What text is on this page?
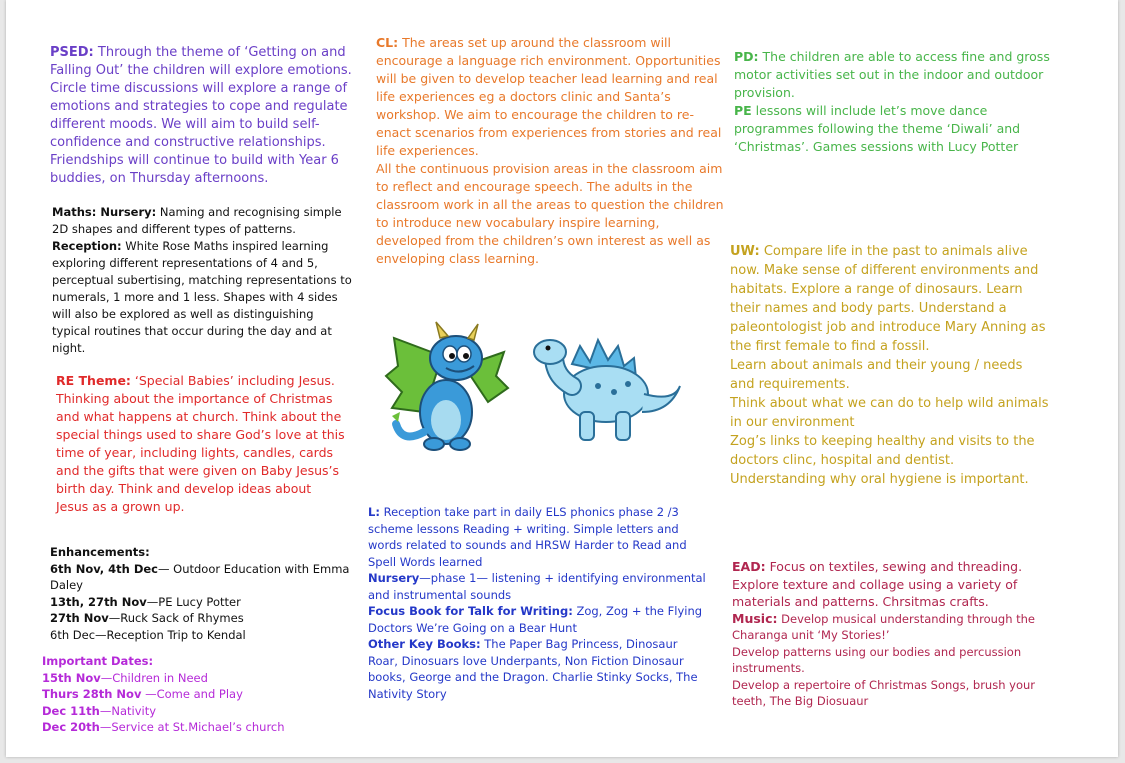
PSED: Through the theme of ‘Getting on and Falling Out’ the children will explore emotions. Circle time discussions will explore a range of emotions and strategies to cope and regulate different moods. We will aim to build self-confidence and constructive relationships. Friendships will continue to build with Year 6 buddies, on Thursday afternoons.
Maths: Nursery: Naming and recognising simple 2D shapes and different types of patterns.
Reception: White Rose Maths inspired learning exploring different representations of 4 and 5, perceptual subertising, matching representations to numerals, 1 more and 1 less. Shapes with 4 sides will also be explored as well as distinguishing typical routines that occur during the day and at night.
RE Theme: ‘Special Babies’ including Jesus. Thinking about the importance of Christmas and what happens at church. Think about the special things used to share God’s love at this time of year, including lights, candles, cards and the gifts that were given on Baby Jesus’s birth day. Think and develop ideas about Jesus as a grown up.
Enhancements:

6th Nov, 4th Dec— Outdoor Education with Emma Daley

13th, 27th Nov—PE Lucy Potter

27th Nov—Ruck Sack of Rhymes

6th Dec—Reception Trip to Kendal

Important Dates:

15th Nov—Children in Need

Thurs 28th Nov —Come and Play

Dec 11th—Nativity

Dec 20th—Service at St.Michael’s church

CL: The areas set up around the classroom will encourage a language rich environment. Opportunities will be given to develop teacher lead learning and real life experiences eg a doctors clinic and Santa’s workshop. We aim to encourage the children to re-enact scenarios from experiences from stories and real life experiences.

All the continuous provision areas in the classroom aim to reflect and encourage speech. The adults in the classroom work in all the areas to question the children to introduce new vocabulary inspire learning, developed from the children’s own interest as well as enveloping class learning.

L: Reception take part in daily ELS phonics phase 2 /3 scheme lessons Reading + writing. Simple letters and words related to sounds and HRSW Harder to Read and Spell Words learned

Nursery—phase 1— listening + identifying environmental and instrumental sounds

Focus Book for Talk for Writing: Zog, Zog + the Flying Doctors We’re Going on a Bear Hunt

Other Key Books: The Paper Bag Princess, Dinosaur Roar, Dinosuars love Underpants, Non Fiction Dinosaur books, George and the Dragon. Charlie Stinky Socks, The Nativity Story

PD: The children are able to access fine and gross motor activities set out in the indoor and outdoor provision.

PE lessons will include let’s move dance programmes following the theme ‘Diwali’ and ‘Christmas’. Games sessions with Lucy Potter

UW: Compare life in the past to animals alive now. Make sense of different environments and habitats. Explore a range of dinosaurs. Learn their names and body parts. Understand a paleontologist job and introduce Mary Anning as the first female to find a fossil.

Learn about animals and their young / needs and requirements.

Think about what we can do to help wild animals in our environment

Zog’s links to keeping healthy and visits to the doctors clinc, hospital and dentist.

Understanding why oral hygiene is important.

EAD: Focus on textiles, sewing and threading. Explore texture and collage using a variety of materials and patterns. Chrsitmas crafts.

Music: Develop musical understanding through the Charanga unit ‘My Stories!’

Develop patterns using our bodies and percussion instruments.

Develop a repertoire of Christmas Songs, brush your teeth, The Big Diosuaur
